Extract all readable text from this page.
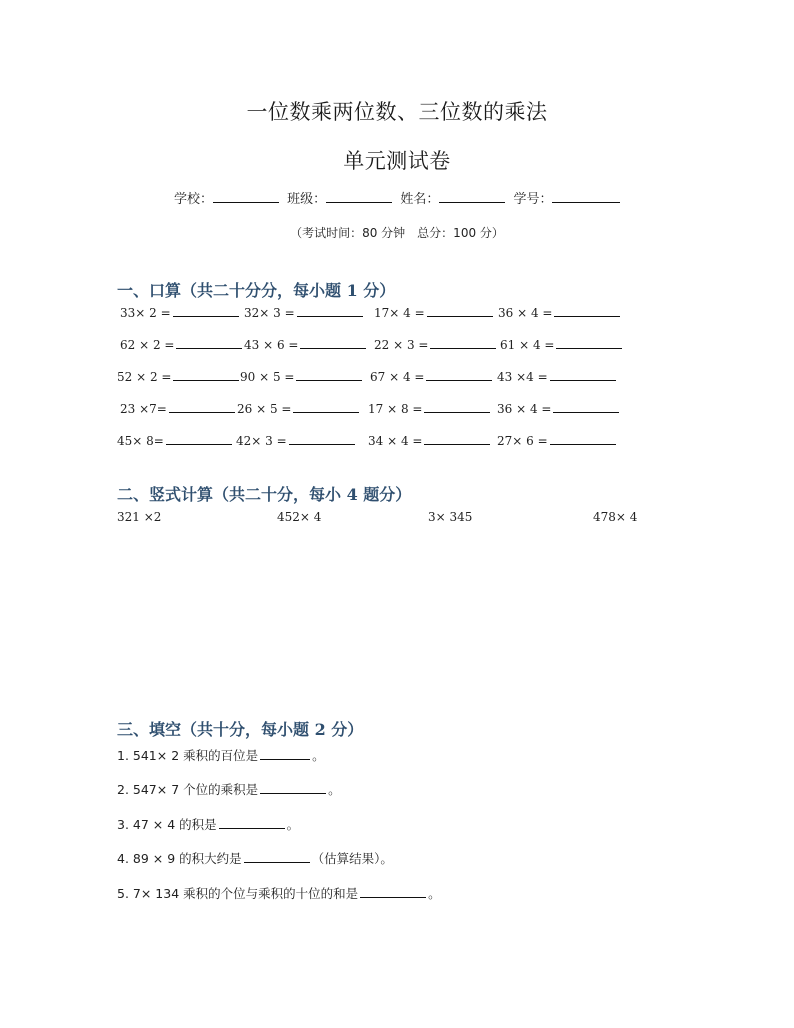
一位数乘两位数、三位数的乘法
单元测试卷
学校：	班级：	姓名：	学号：
（考试时间：80 分钟　总分：100 分）
一、口算（共二十分分，每小题 1 分）
33× 2 =	32× 3 =	17× 4 =	36 × 4 =
62 × 2 =	43 × 6 =	22 × 3 =	61 × 4 =
52 × 2 =	90 × 5 =	67 × 4 =	43 ×4 =
23 ×7=	26 × 5 =	17 × 8 =	36 × 4 =
45× 8=	42× 3 =	34 × 4 =	27× 6 =
二、竖式计算（共二十分，每小 4 题分）
321 ×2	452× 4	3× 345	478× 4
三、填空（共十分，每小题 2 分）
1. 541× 2 乘积的百位是	。
2. 547× 7 个位的乘积是	。
3. 47 × 4 的积是	。
4. 89 × 9 的积大约是	（估算结果）。
5. 7× 134 乘积的个位与乘积的十位的和是	。
